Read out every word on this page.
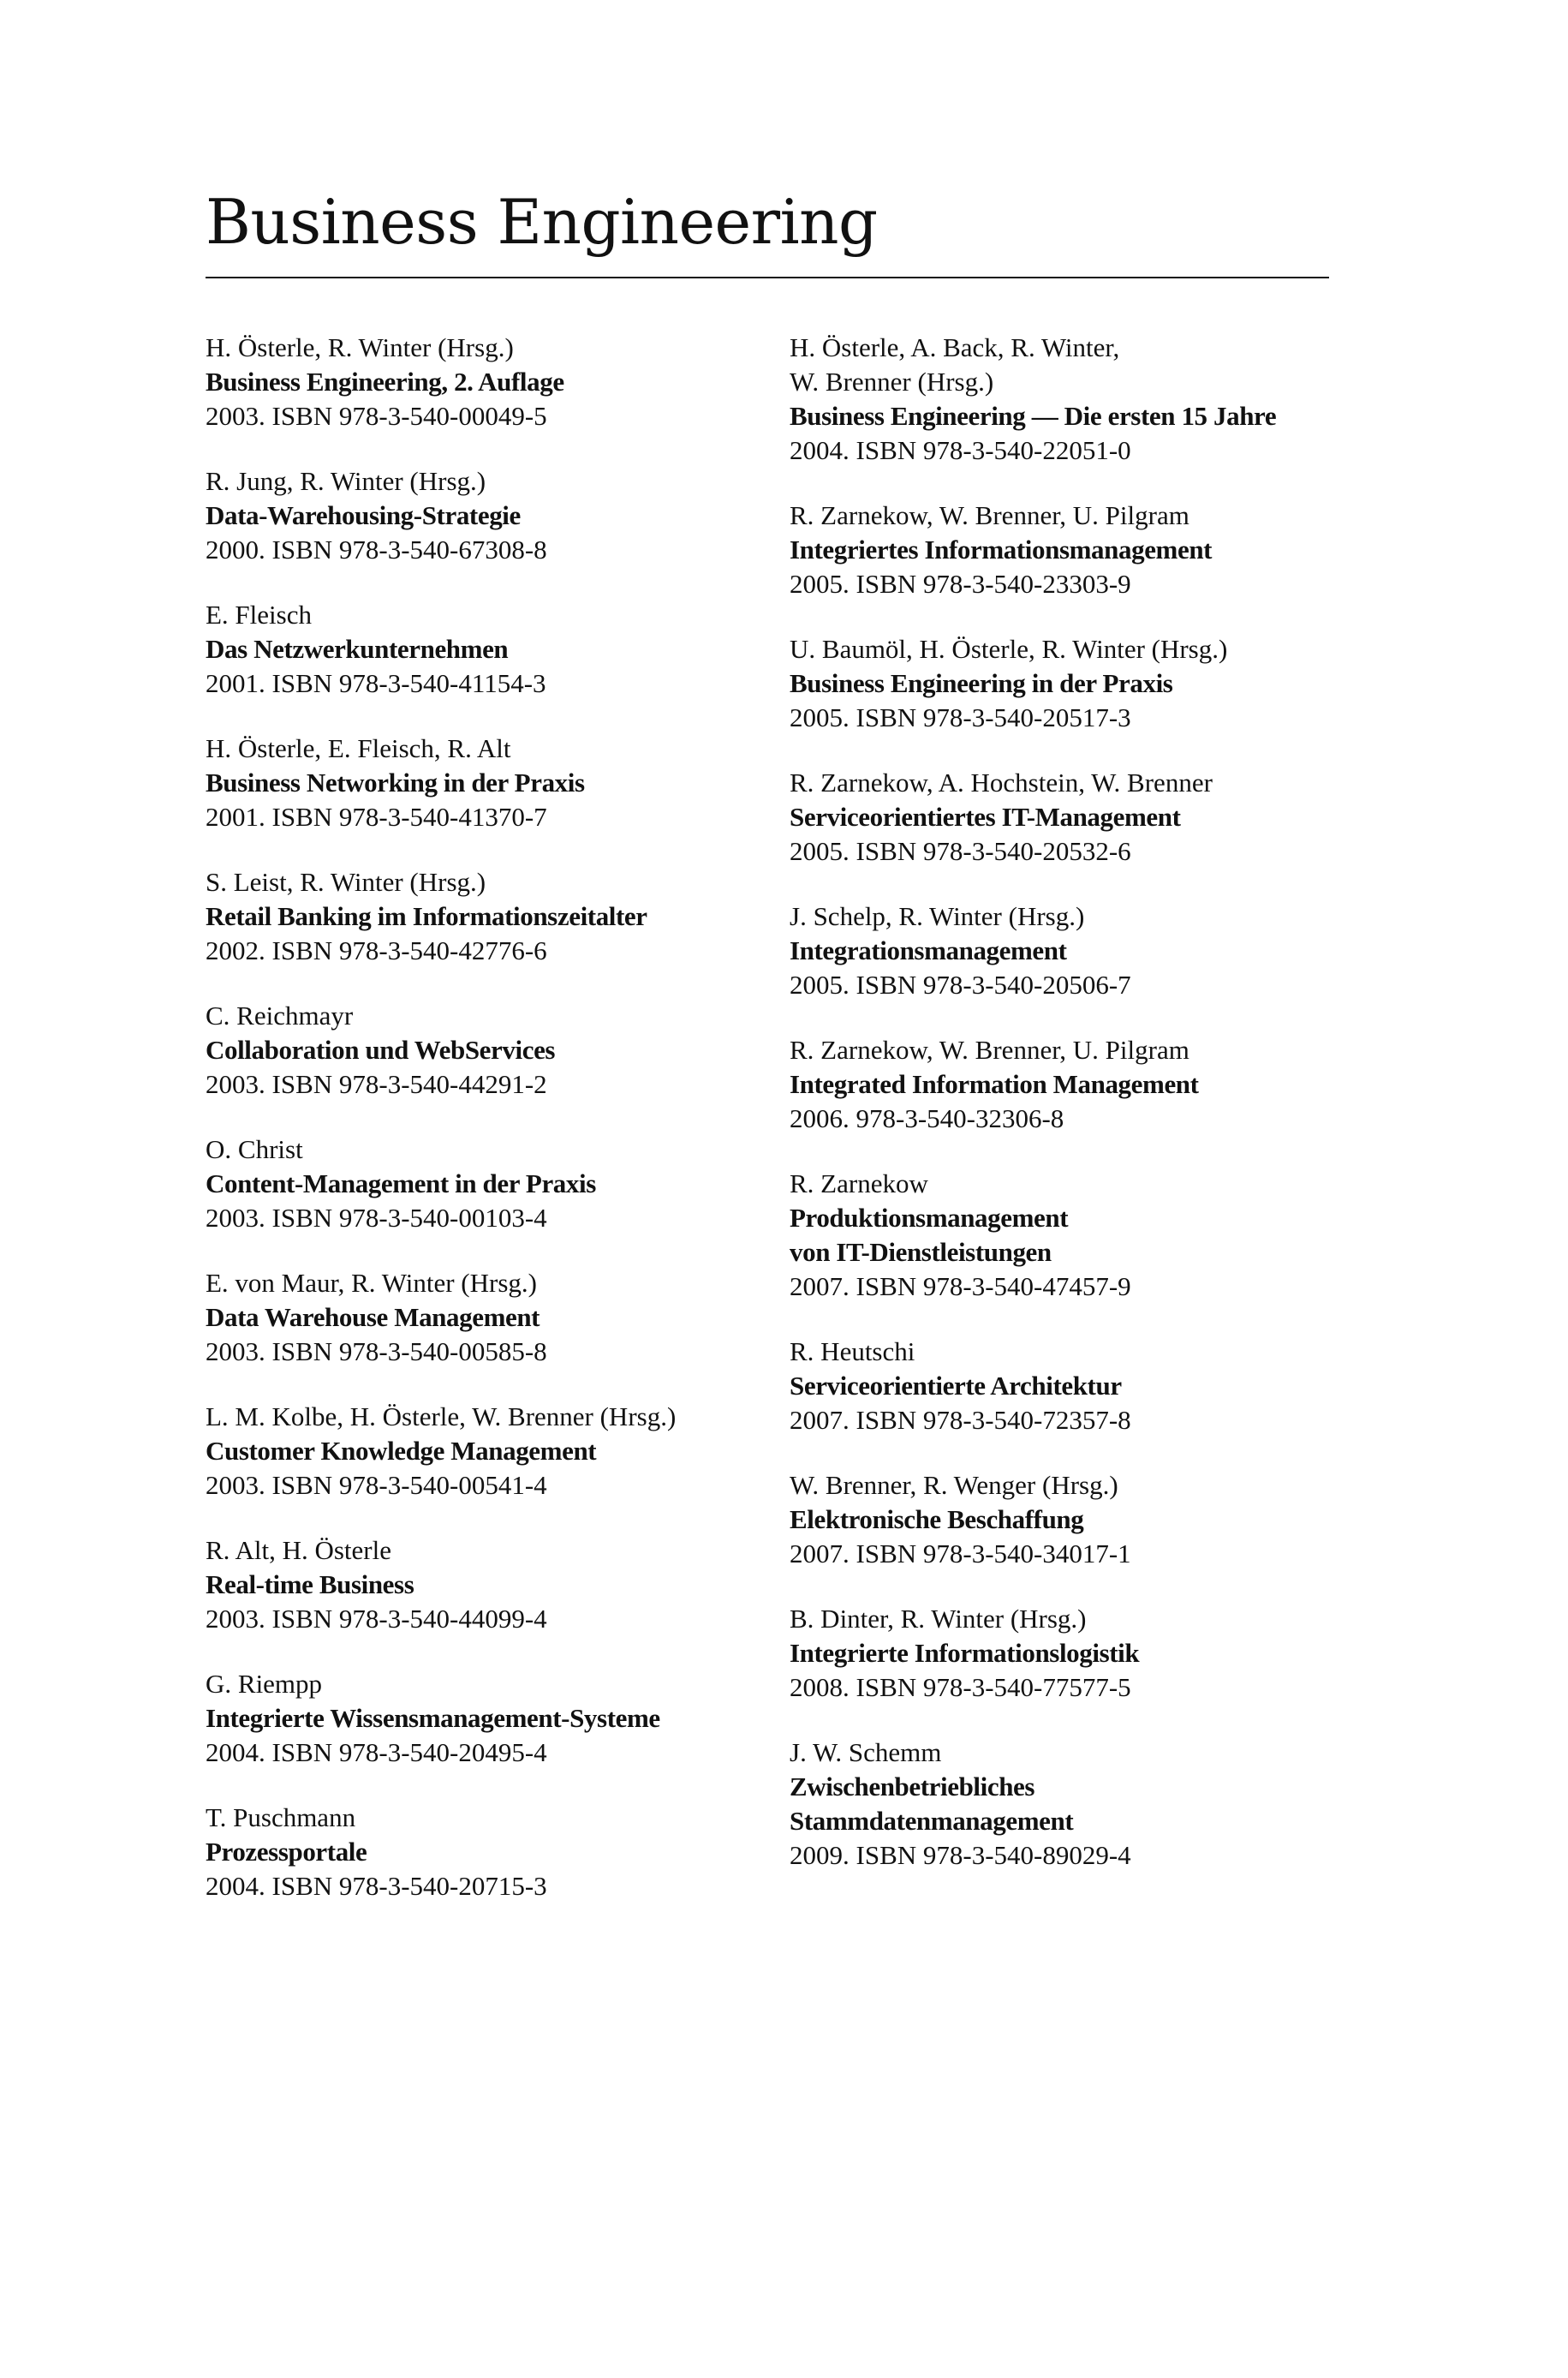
Business Engineering
H. Österle, R. Winter (Hrsg.)
Business Engineering, 2. Auflage
2003. ISBN 978-3-540-00049-5
R. Jung, R. Winter (Hrsg.)
Data-Warehousing-Strategie
2000. ISBN 978-3-540-67308-8
E. Fleisch
Das Netzwerkunternehmen
2001. ISBN 978-3-540-41154-3
H. Österle, E. Fleisch, R. Alt
Business Networking in der Praxis
2001. ISBN 978-3-540-41370-7
S. Leist, R. Winter (Hrsg.)
Retail Banking im Informationszeitalter
2002. ISBN 978-3-540-42776-6
C. Reichmayr
Collaboration und WebServices
2003. ISBN 978-3-540-44291-2
O. Christ
Content-Management in der Praxis
2003. ISBN 978-3-540-00103-4
E. von Maur, R. Winter (Hrsg.)
Data Warehouse Management
2003. ISBN 978-3-540-00585-8
L. M. Kolbe, H. Österle, W. Brenner (Hrsg.)
Customer Knowledge Management
2003. ISBN 978-3-540-00541-4
R. Alt, H. Österle
Real-time Business
2003. ISBN 978-3-540-44099-4
G. Riempp
Integrierte Wissensmanagement-Systeme
2004. ISBN 978-3-540-20495-4
T. Puschmann
Prozessportale
2004. ISBN 978-3-540-20715-3
H. Österle, A. Back, R. Winter,
W. Brenner (Hrsg.)
Business Engineering — Die ersten 15 Jahre
2004. ISBN 978-3-540-22051-0
R. Zarnekow, W. Brenner, U. Pilgram
Integriertes Informationsmanagement
2005. ISBN 978-3-540-23303-9
U. Baumöl, H. Österle, R. Winter (Hrsg.)
Business Engineering in der Praxis
2005. ISBN 978-3-540-20517-3
R. Zarnekow, A. Hochstein, W. Brenner
Serviceorientiertes IT-Management
2005. ISBN 978-3-540-20532-6
J. Schelp, R. Winter (Hrsg.)
Integrationsmanagement
2005. ISBN 978-3-540-20506-7
R. Zarnekow, W. Brenner, U. Pilgram
Integrated Information Management
2006. 978-3-540-32306-8
R. Zarnekow
Produktionsmanagement
von IT-Dienstleistungen
2007. ISBN 978-3-540-47457-9
R. Heutschi
Serviceorientierte Architektur
2007. ISBN 978-3-540-72357-8
W. Brenner, R. Wenger (Hrsg.)
Elektronische Beschaffung
2007. ISBN 978-3-540-34017-1
B. Dinter, R. Winter (Hrsg.)
Integrierte Informationslogistik
2008. ISBN 978-3-540-77577-5
J. W. Schemm
Zwischenbetriebliches
Stammdatenmanagement
2009. ISBN 978-3-540-89029-4
